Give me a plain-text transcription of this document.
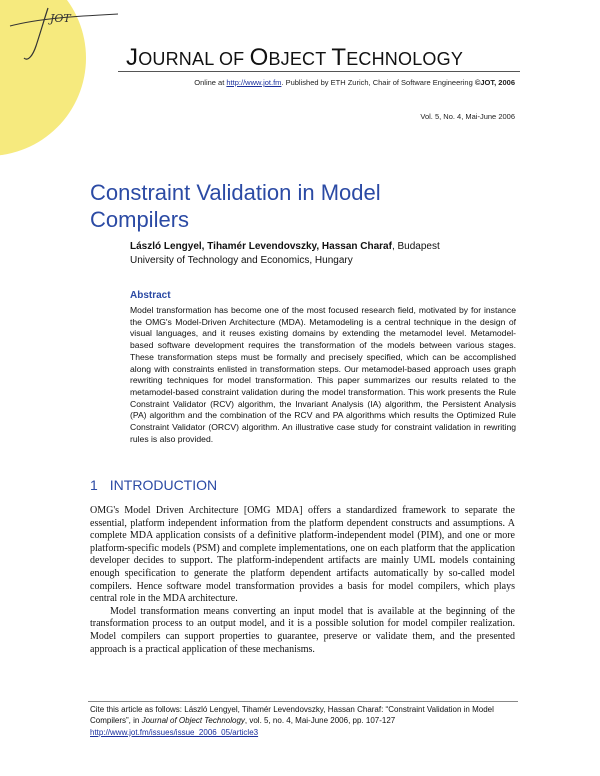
JOT
JOURNAL OF OBJECT TECHNOLOGY
Online at http://www.jot.fm. Published by ETH Zurich, Chair of Software Engineering ©JOT, 2006
Vol. 5, No. 4, Mai-June 2006
Constraint Validation in Model
Compilers
László Lengyel, Tihamér Levendovszky, Hassan Charaf, Budapest
University of Technology and Economics, Hungary
Abstract
Model transformation has become one of the most focused research field, motivated by for instance the OMG's Model-Driven Architecture (MDA). Metamodeling is a central technique in the design of visual languages, and it reuses existing domains by extending the metamodel level. Metamodel-based software development requires the transformation of the models between various stages. These transformation steps must be formally and precisely specified, which can be accomplished along with constraints enlisted in transformation steps. Our metamodel-based approach uses graph rewriting techniques for model transformation. This paper summarizes our results related to the metamodel-based constraint validation during the model transformation. This work presents the Rule Constraint Validator (RCV) algorithm, the Invariant Analysis (IA) algorithm, the Persistent Analysis (PA) algorithm and the combination of the RCV and PA algorithms which results the Optimized Rule Constraint Validator (ORCV) algorithm. An illustrative case study for constraint validation in rewriting rules is also provided.
1 INTRODUCTION

OMG's Model Driven Architecture [OMG MDA] offers a standardized framework to separate the essential, platform independent information from the platform dependent constructs and assumptions. A complete MDA application consists of a definitive platform-independent model (PIM), and one or more platform-specific models (PSM) and complete implementations, one on each platform that the application developer decides to support. The platform-independent artifacts are mainly UML models containing enough specification to generate the platform dependent artifacts automatically by so-called model compilers. Hence software model transformation provides a basis for model compilers, which plays central role in the MDA architecture.

Model transformation means converting an input model that is available at the beginning of the transformation process to an output model, and it is a possible solution for model compiler realization. Model compilers can support properties to guarantee, preserve or validate them, and the presented approach is a practical application of these mechanisms.

Cite this article as follows: László Lengyel, Tihamér Levendovszky, Hassan Charaf: “Constraint Validation in Model Compilers”, in Journal of Object Technology, vol. 5, no. 4, Mai-June 2006, pp. 107-127 http://www.jot.fm/issues/issue_2006_05/article3
